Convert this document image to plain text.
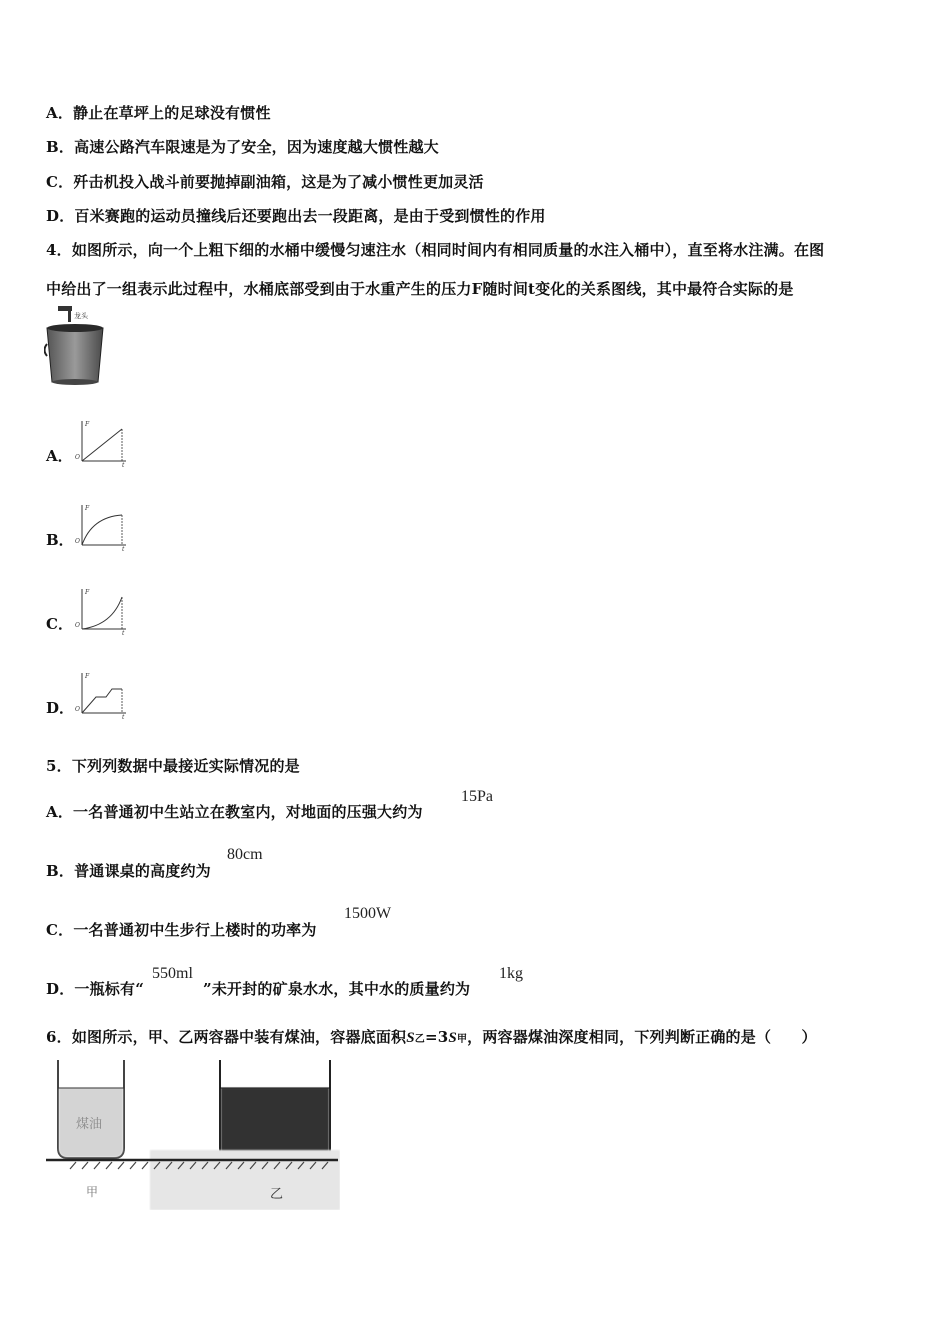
A．静止在草坪上的足球没有惯性
B．高速公路汽车限速是为了安全，因为速度越大惯性越大
C．歼击机投入战斗前要抛掉副油箱，这是为了减小惯性更加灵活
D．百米赛跑的运动员撞线后还要跑出去一段距离，是由于受到惯性的作用
4．如图所示，向一个上粗下细的水桶中缓慢匀速注水（相同时间内有相同质量的水注入桶中），直至将水注满。在图
中给出了一组表示此过程中，水桶底部受到由于水重产生的压力F随时间t变化的关系图线，其中最符合实际的是
龙头
A．
F
t
O
B．
F
t
O
C．
F
t
O
D．
F
t
O
5．下列列数据中最接近实际情况的是
A．一名普通初中生站立在教室内，对地面的压强大约为
15Pa
B．普通课桌的高度约为
80cm
C．一名普通初中生步行上楼时的功率为
1500W
D．一瓶标有“
550ml
”未开封的矿泉水水，其中水的质量约为
1kg
6．如图所示，甲、乙两容器中装有煤油，容器底面积S乙=3S甲，两容器煤油深度相同，下列判断正确的是（　　）
煤油
甲	乙
